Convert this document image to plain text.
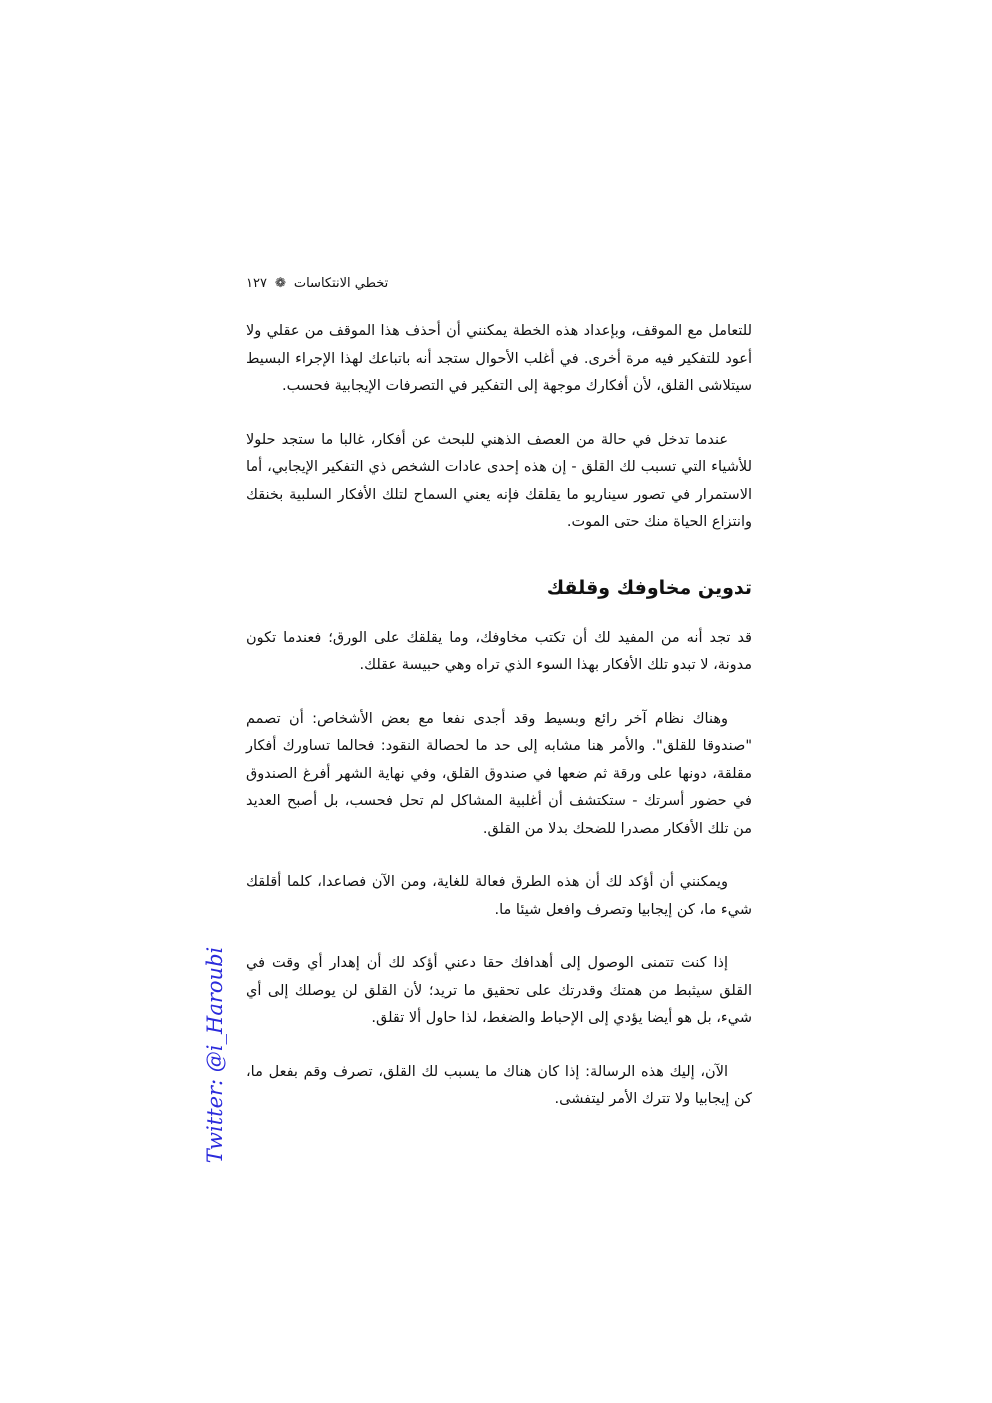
تخطي الانتكاسات
❁
١٢٧

للتعامل مع الموقف، وبإعداد هذه الخطة يمكنني أن أحذف هذا الموقف من عقلي ولا أعود للتفكير فيه مرة أخرى. في أغلب الأحوال ستجد أنه باتباعك لهذا الإجراء البسيط سيتلاشى القلق، لأن أفكارك موجهة إلى التفكير في التصرفات الإيجابية فحسب.

عندما تدخل في حالة من العصف الذهني للبحث عن أفكار، غالبا ما ستجد حلولا للأشياء التي تسبب لك القلق - إن هذه إحدى عادات الشخص ذي التفكير الإيجابي، أما الاستمرار في تصور سيناريو ما يقلقك فإنه يعني السماح لتلك الأفكار السلبية بخنقك وانتزاع الحياة منك حتى الموت.

تدوين مخاوفك وقلقك

قد تجد أنه من المفيد لك أن تكتب مخاوفك، وما يقلقك على الورق؛ فعندما تكون مدونة، لا تبدو تلك الأفكار بهذا السوء الذي تراه وهي حبيسة عقلك.

وهناك نظام آخر رائع وبسيط وقد أجدى نفعا مع بعض الأشخاص: أن تصمم "صندوقا للقلق". والأمر هنا مشابه إلى حد ما لحصالة النقود: فحالما تساورك أفكار مقلقة، دونها على ورقة ثم ضعها في صندوق القلق، وفي نهاية الشهر أفرغ الصندوق في حضور أسرتك - ستكتشف أن أغلبية المشاكل لم تحل فحسب، بل أصبح العديد من تلك الأفكار مصدرا للضحك بدلا من القلق.

ويمكنني أن أؤكد لك أن هذه الطرق فعالة للغاية، ومن الآن فصاعدا، كلما أقلقك شيء ما، كن إيجابيا وتصرف وافعل شيئا ما.

إذا كنت تتمنى الوصول إلى أهدافك حقا دعني أؤكد لك أن إهدار أي وقت في القلق سيثبط من همتك وقدرتك على تحقيق ما تريد؛ لأن القلق لن يوصلك إلى أي شيء، بل هو أيضا يؤدي إلى الإحباط والضغط، لذا حاول ألا تقلق.

الآن، إليك هذه الرسالة: إذا كان هناك ما يسبب لك القلق، تصرف وقم بفعل ما، كن إيجابيا ولا تترك الأمر ليتفشى.

Twitter: @i_Haroubi
